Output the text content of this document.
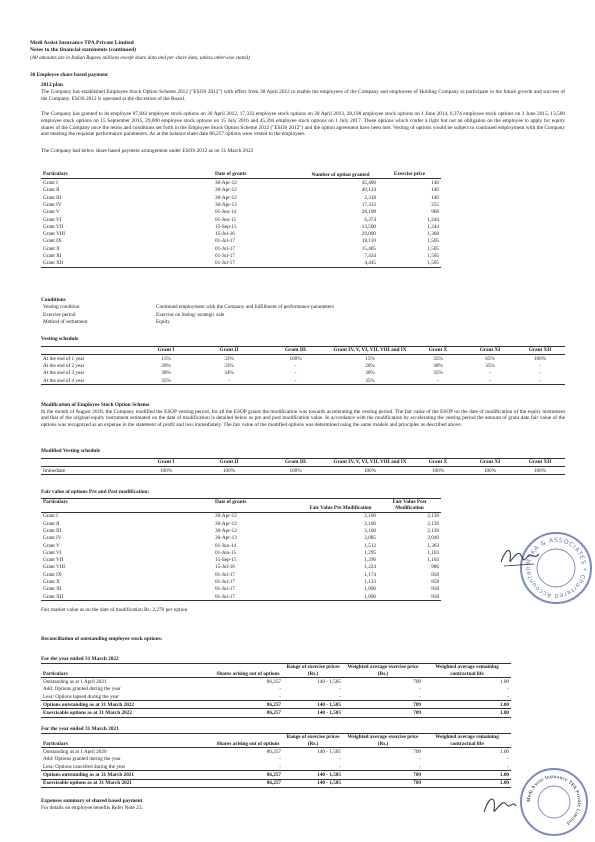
Medi Assist Insurance TPA Private Limited
Notes to the financial statements (continued)
(All amounts are in Indian Rupees millions except share data and per share data, unless otherwise stated)
30 Employee share based payment
2012 plan
The Company has established Employee Stock Option Scheme 2012 ("ESOS 2012") with effect from 30 April 2012 to enable the employees of the Company and employees of Holding Company to participate in the future growth and success of the Company. ESOS 2012 is operated at the discretion of the Board.
The Company has granted to its employee 87,842 employee stock options on 30 April 2012, 17,333 employee stock options on 30 April 2013, 28,198 employee stock options on 1 June 2014, 6,374 employee stock options on 1 June 2015, 13,500 employee stock options on 15 September 2015, 29,000 employee stock options on 15 July 2016 and 45,394 employee stock options on 1 July 2017. These options which confer a right but not an obligation on the employee to apply for equity shares of the Company once the terms and conditions set forth in the Employee Stock Option Scheme 2012 ("ESOS 2012") and the option agreement have been met. Vesting of options would be subject to continued employment with the Company and meeting the requisite performance parameters. As at the balance sheet date 86,257 options were vested to the employees.
The Company had below share based payment arrangement under ESOS 2012 as on 31 March 2022
Particulars	Date of grants	Number of option granted	Exercise price
Grant I	30-Apr-12	45,400	140
Grant II	30-Apr-12	40,124	140
Grant III	30-Apr-12	2,318	140
Grant IV	30-Apr-13	17,333	255
Grant V	01-Jun-14	28,198	966
Grant VI	01-Jun-15	6,374	1,244
Grant VII	15-Sep-15	13,500	1,244
Grant VIII	15-Jul-16	29,000	1,368
Grant IX	01-Jul-17	18,110	1,505
Grant X	01-Jul-17	15,405	1,505
Grant XI	01-Jul-17	7,434	1,505
Grant XII	01-Jul-17	4,445	1,505
Conditions
Vesting condition	Continued employment with the Company and fulfillment of performance parameters
Exercise period	Exercise on listing/ strategic sale
Method of settlement	Equity
Vesting schedule
	Grant I	Grant II	Grant III	Grant IV, V, VI, VII, VIII and IX	Grant X	Grant XI	Grant XII
At the end of 1 year	15%	33%	100%	15%	35%	65%	100%
At the end of 2 year	20%	33%	-	20%	30%	35%	-
At the end of 3 year	30%	34%	-	30%	35%	-	-
At the end of 4 year	35%	-	-	35%	-	-	-
Modification of Employee Stock Option Scheme
In the month of August 2018, the Company modified the ESOP vesting period, for all the ESOP grants the modification was towards accelerating the vesting period. The fair value of the ESOP on the date of modification of the equity instrument and that of the original equity instrument estimated on the date of modification is detailed below as pre and post modification value. In accordance with the modification by accelerating the vesting period the amount of grant date fair value of the options was recognized as an expense in the statement of profit and loss immediately. The fair value of the modified options was determined using the same models and principles as described above.
Modified Vesting schedule
	Grant I	Grant II	Grant III	Grant IV, V, VI, VII, VIII and IX	Grant X	Grant XI	Grant XII
Immediate	100%	100%	100%	100%	100%	100%	100%
Fair value of options Pre and Post modification:
Particulars	Date of grants	Fair Value Pre Modification	Fair Value Post Modification
Grant I	30-Apr-12	2,160	2,139
Grant II	30-Apr-12	2,160	2,139
Grant III	30-Apr-12	2,160	2,139
Grant IV	30-Apr-13	2,085	2,049
Grant V	01-Jun-14	1,512	1,363
Grant VI	01-Jun-15	1,295	1,103
Grant VII	15-Sep-15	1,296	1,103
Grant VIII	15-Jul-16	1,224	986
Grant IX	01-Jul-17	1,174	858
Grant X	01-Jul-17	1,123	858
Grant XI	01-Jul-17	1,096	858
Grant XII	01-Jul-17	1,096	858
Fair market value as on the date of modification Rs. 2,270 per option.
Reconciliation of outstanding employee stock options:
For the year ended 31 March 2022
Particulars	Shares arising out of options	Range of exercise prices (Rs.)	Weighted average exercise price (Rs.)	Weighted average remaining contractual life
Outstanding as at 1 April 2021	86,257	140 - 1,505	709	1.00
Add: Options granted during the year	-	-	-	-
Less: Options lapsed during the year	-	-	-	-
Options outstanding as at 31 March 2022	86,257	140 - 1,505	709	1.00
Exercisable options as at 31 March 2022	86,257	140 - 1,505	709	1.00
For the year ended 31 March 2021
Particulars	Shares arising out of options	Range of exercise prices (Rs.)	Weighted average exercise price (Rs.)	Weighted average remaining contractual life
Outstanding as at 1 April 2020	86,257	140 - 1,505	709	1.00
Add: Options granted during the year	-	-	-	-
Less: Options cancelled during the year	-	-	-	-
Options outstanding as at 31 March 2021	86,257	140 - 1,505	709	1.00
Exercisable options as at 31 March 2021	86,257	140 - 1,505	709	1.00
Expenses summary of shared based payment
For details on employee benefits Refer Note 23.
MSKA & ASSOCIATES * Chartered Accountan
Medi Assist Insurance TPA Private Limited
